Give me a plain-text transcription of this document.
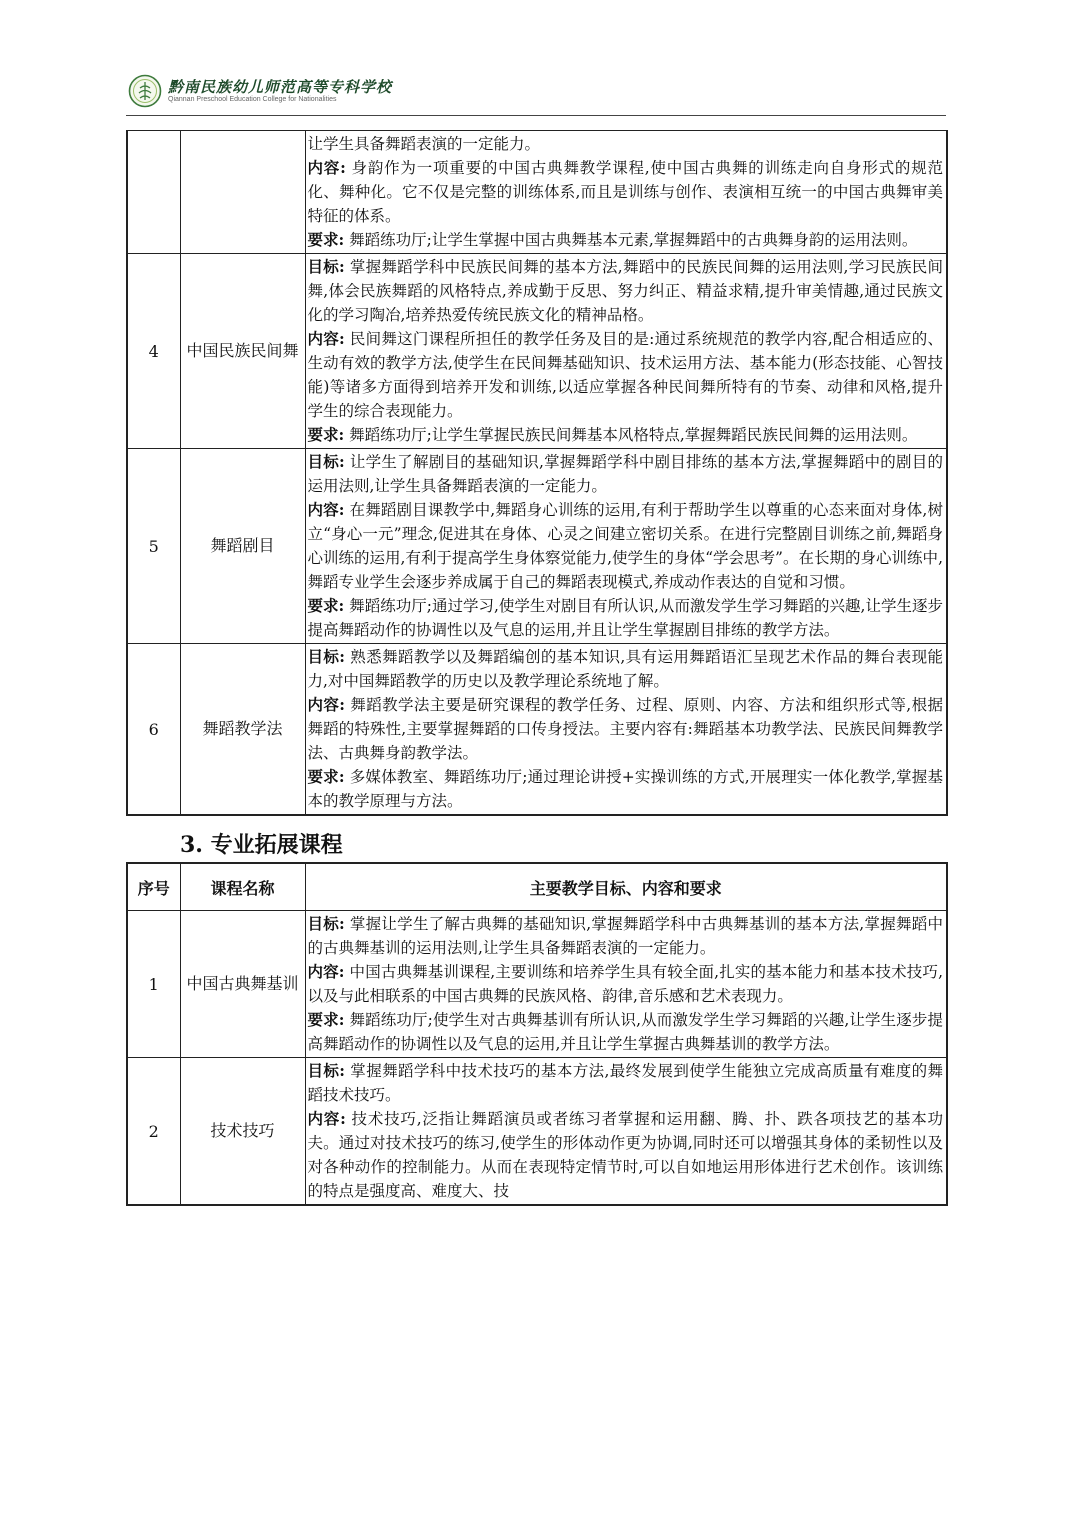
黔南民族幼儿师范高等专科学校
Qiannan Preschool Education College for Nationalities

		让学生具备舞蹈表演的一定能力。

内容: 身韵作为一项重要的中国古典舞教学课程,使中国古典舞的训练走向自身形式的规范化、舞种化。它不仅是完整的训练体系,而且是训练与创作、表演相互统一的中国古典舞审美特征的体系。

要求: 舞蹈练功厅;让学生掌握中国古典舞基本元素,掌握舞蹈中的古典舞身韵的运用法则。

4	中国民族民间舞	目标: 掌握舞蹈学科中民族民间舞的基本方法,舞蹈中的民族民间舞的运用法则,学习民族民间舞,体会民族舞蹈的风格特点,养成勤于反思、努力纠正、精益求精,提升审美情趣,通过民族文化的学习陶冶,培养热爱传统民族文化的精神品格。

内容: 民间舞这门课程所担任的教学任务及目的是:通过系统规范的教学内容,配合相适应的、生动有效的教学方法,使学生在民间舞基础知识、技术运用方法、基本能力(形态技能、心智技能)等诸多方面得到培养开发和训练,以适应掌握各种民间舞所特有的节奏、动律和风格,提升学生的综合表现能力。

要求: 舞蹈练功厅;让学生掌握民族民间舞基本风格特点,掌握舞蹈民族民间舞的运用法则。

5	舞蹈剧目	目标: 让学生了解剧目的基础知识,掌握舞蹈学科中剧目排练的基本方法,掌握舞蹈中的剧目的运用法则,让学生具备舞蹈表演的一定能力。

内容: 在舞蹈剧目课教学中,舞蹈身心训练的运用,有利于帮助学生以尊重的心态来面对身体,树立“身心一元”理念,促进其在身体、心灵之间建立密切关系。在进行完整剧目训练之前,舞蹈身心训练的运用,有利于提高学生身体察觉能力,使学生的身体“学会思考”。在长期的身心训练中,舞蹈专业学生会逐步养成属于自己的舞蹈表现模式,养成动作表达的自觉和习惯。

要求: 舞蹈练功厅;通过学习,使学生对剧目有所认识,从而激发学生学习舞蹈的兴趣,让学生逐步提高舞蹈动作的协调性以及气息的运用,并且让学生掌握剧目排练的教学方法。

6	舞蹈教学法	目标: 熟悉舞蹈教学以及舞蹈编创的基本知识,具有运用舞蹈语汇呈现艺术作品的舞台表现能力,对中国舞蹈教学的历史以及教学理论系统地了解。

内容: 舞蹈教学法主要是研究课程的教学任务、过程、原则、内容、方法和组织形式等,根据舞蹈的特殊性,主要掌握舞蹈的口传身授法。主要内容有:舞蹈基本功教学法、民族民间舞教学法、古典舞身韵教学法。

要求: 多媒体教室、舞蹈练功厅;通过理论讲授+实操训练的方式,开展理实一体化教学,掌握基本的教学原理与方法。

3. 专业拓展课程
序号	课程名称	主要教学目标、内容和要求
1	中国古典舞基训	目标: 掌握让学生了解古典舞的基础知识,掌握舞蹈学科中古典舞基训的基本方法,掌握舞蹈中的古典舞基训的运用法则,让学生具备舞蹈表演的一定能力。

内容: 中国古典舞基训课程,主要训练和培养学生具有较全面,扎实的基本能力和基本技术技巧,以及与此相联系的中国古典舞的民族风格、韵律,音乐感和艺术表现力。

要求: 舞蹈练功厅;使学生对古典舞基训有所认识,从而激发学生学习舞蹈的兴趣,让学生逐步提高舞蹈动作的协调性以及气息的运用,并且让学生掌握古典舞基训的教学方法。

2	技术技巧	目标: 掌握舞蹈学科中技术技巧的基本方法,最终发展到使学生能独立完成高质量有难度的舞蹈技术技巧。

内容: 技术技巧,泛指让舞蹈演员或者练习者掌握和运用翻、腾、扑、跌各项技艺的基本功夫。通过对技术技巧的练习,使学生的形体动作更为协调,同时还可以增强其身体的柔韧性以及对各种动作的控制能力。从而在表现特定情节时,可以自如地运用形体进行艺术创作。该训练的特点是强度高、难度大、技
